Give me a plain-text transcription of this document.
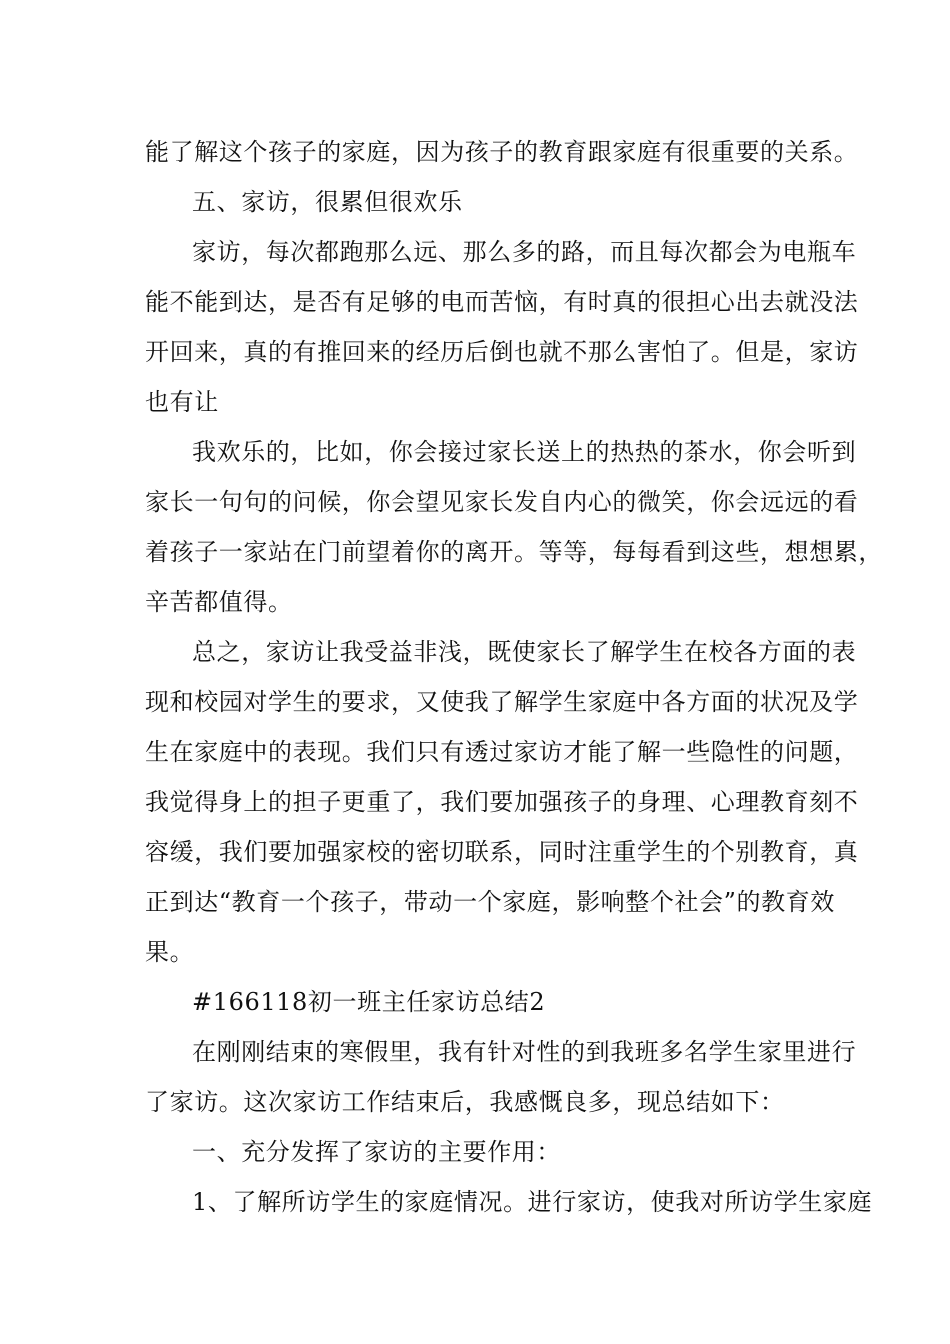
能了解这个孩子的家庭，因为孩子的教育跟家庭有很重要的关系。
五、家访，很累但很欢乐
家访，每次都跑那么远、那么多的路，而且每次都会为电瓶车
能不能到达，是否有足够的电而苦恼，有时真的很担心出去就没法
开回来，真的有推回来的经历后倒也就不那么害怕了。但是，家访
也有让
我欢乐的，比如，你会接过家长送上的热热的茶水，你会听到
家长一句句的问候，你会望见家长发自内心的微笑，你会远远的看
着孩子一家站在门前望着你的离开。等等，每每看到这些，想想累，
辛苦都值得。
总之，家访让我受益非浅，既使家长了解学生在校各方面的表
现和校园对学生的要求，又使我了解学生家庭中各方面的状况及学
生在家庭中的表现。我们只有透过家访才能了解一些隐性的问题，
我觉得身上的担子更重了，我们要加强孩子的身理、心理教育刻不
容缓，我们要加强家校的密切联系，同时注重学生的个别教育，真
正到达“教育一个孩子，带动一个家庭，影响整个社会”的教育效
果。
#166118初一班主任家访总结2
在刚刚结束的寒假里，我有针对性的到我班多名学生家里进行
了家访。这次家访工作结束后，我感慨良多，现总结如下：
一、充分发挥了家访的主要作用：
1、了解所访学生的家庭情况。进行家访，使我对所访学生家庭
